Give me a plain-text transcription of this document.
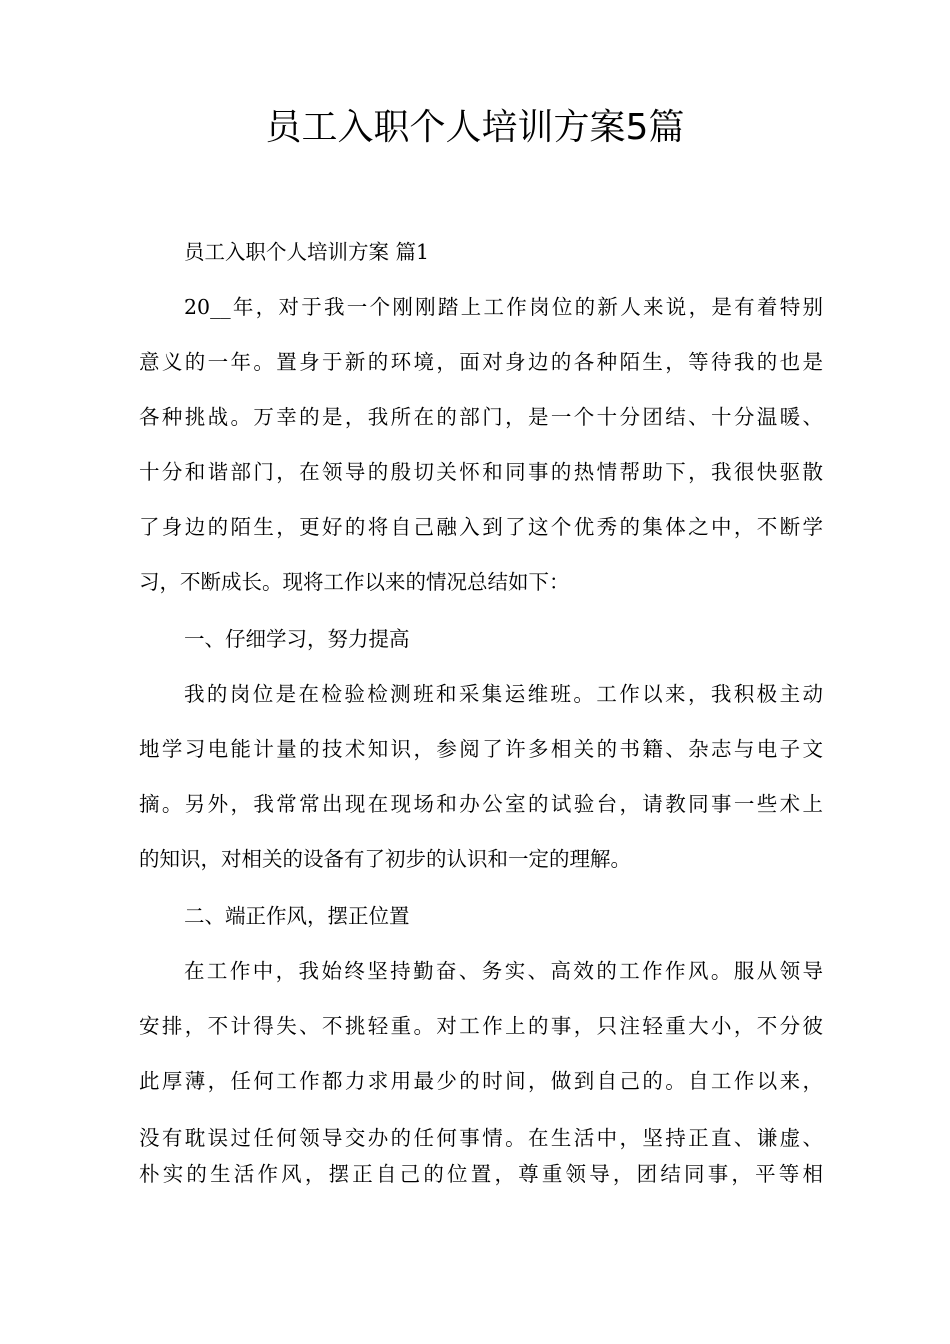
员工入职个人培训方案5篇
员工入职个人培训方案 篇1
20__年，对于我一个刚刚踏上工作岗位的新人来说，是有着特别
意义的一年。置身于新的环境，面对身边的各种陌生，等待我的也是
各种挑战。万幸的是，我所在的部门，是一个十分团结、十分温暖、
十分和谐部门，在领导的殷切关怀和同事的热情帮助下，我很快驱散
了身边的陌生，更好的将自己融入到了这个优秀的集体之中，不断学
习，不断成长。现将工作以来的情况总结如下：
一、仔细学习，努力提高
我的岗位是在检验检测班和采集运维班。工作以来，我积极主动
地学习电能计量的技术知识，参阅了许多相关的书籍、杂志与电子文
摘。另外，我常常出现在现场和办公室的试验台，请教同事一些术上
的知识，对相关的设备有了初步的认识和一定的理解。
二、端正作风，摆正位置
在工作中，我始终坚持勤奋、务实、高效的工作作风。服从领导
安排，不计得失、不挑轻重。对工作上的事，只注轻重大小，不分彼
此厚薄，任何工作都力求用最少的时间，做到自己的。自工作以来，
没有耽误过任何领导交办的任何事情。在生活中，坚持正直、谦虚、
朴实的生活作风，摆正自己的位置，尊重领导，团结同事，平等相
